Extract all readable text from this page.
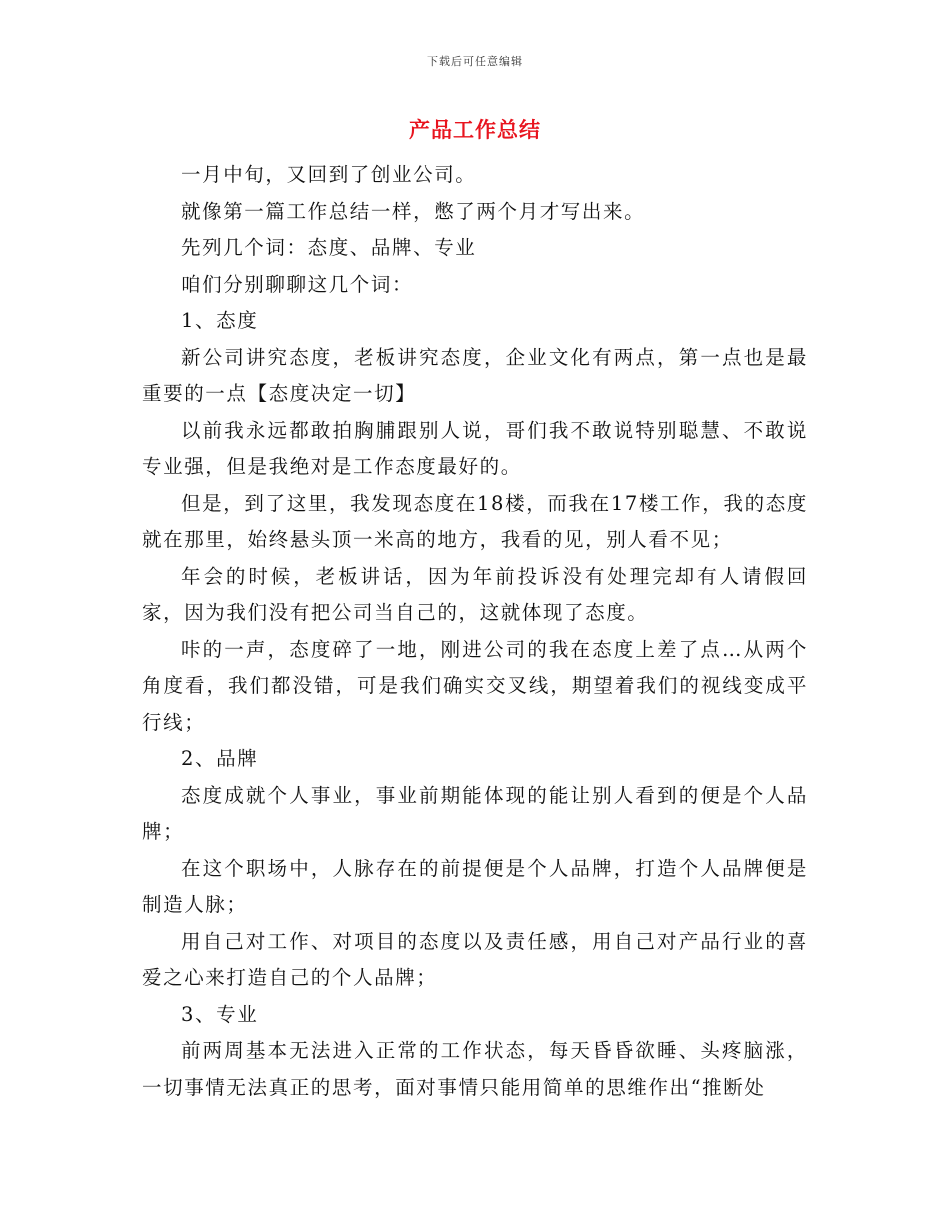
下载后可任意编辑
产品工作总结

一月中旬，又回到了创业公司。

就像第一篇工作总结一样，憋了两个月才写出来。

先列几个词：态度、品牌、专业

咱们分别聊聊这几个词：

1、态度

新公司讲究态度，老板讲究态度，企业文化有两点，第一点也是最重要的一点【态度决定一切】

以前我永远都敢拍胸脯跟别人说，哥们我不敢说特别聪慧、不敢说专业强，但是我绝对是工作态度最好的。

但是，到了这里，我发现态度在18楼，而我在17楼工作，我的态度就在那里，始终悬头顶一米高的地方，我看的见，别人看不见；

年会的时候，老板讲话，因为年前投诉没有处理完却有人请假回家，因为我们没有把公司当自己的，这就体现了态度。

咔的一声，态度碎了一地，刚进公司的我在态度上差了点…从两个角度看，我们都没错，可是我们确实交叉线，期望着我们的视线变成平行线；

2、品牌

态度成就个人事业，事业前期能体现的能让别人看到的便是个人品牌；

在这个职场中，人脉存在的前提便是个人品牌，打造个人品牌便是制造人脉；

用自己对工作、对项目的态度以及责任感，用自己对产品行业的喜爱之心来打造自己的个人品牌；

3、专业

前两周基本无法进入正常的工作状态，每天昏昏欲睡、头疼脑涨，一切事情无法真正的思考，面对事情只能用简单的思维作出“推断处
